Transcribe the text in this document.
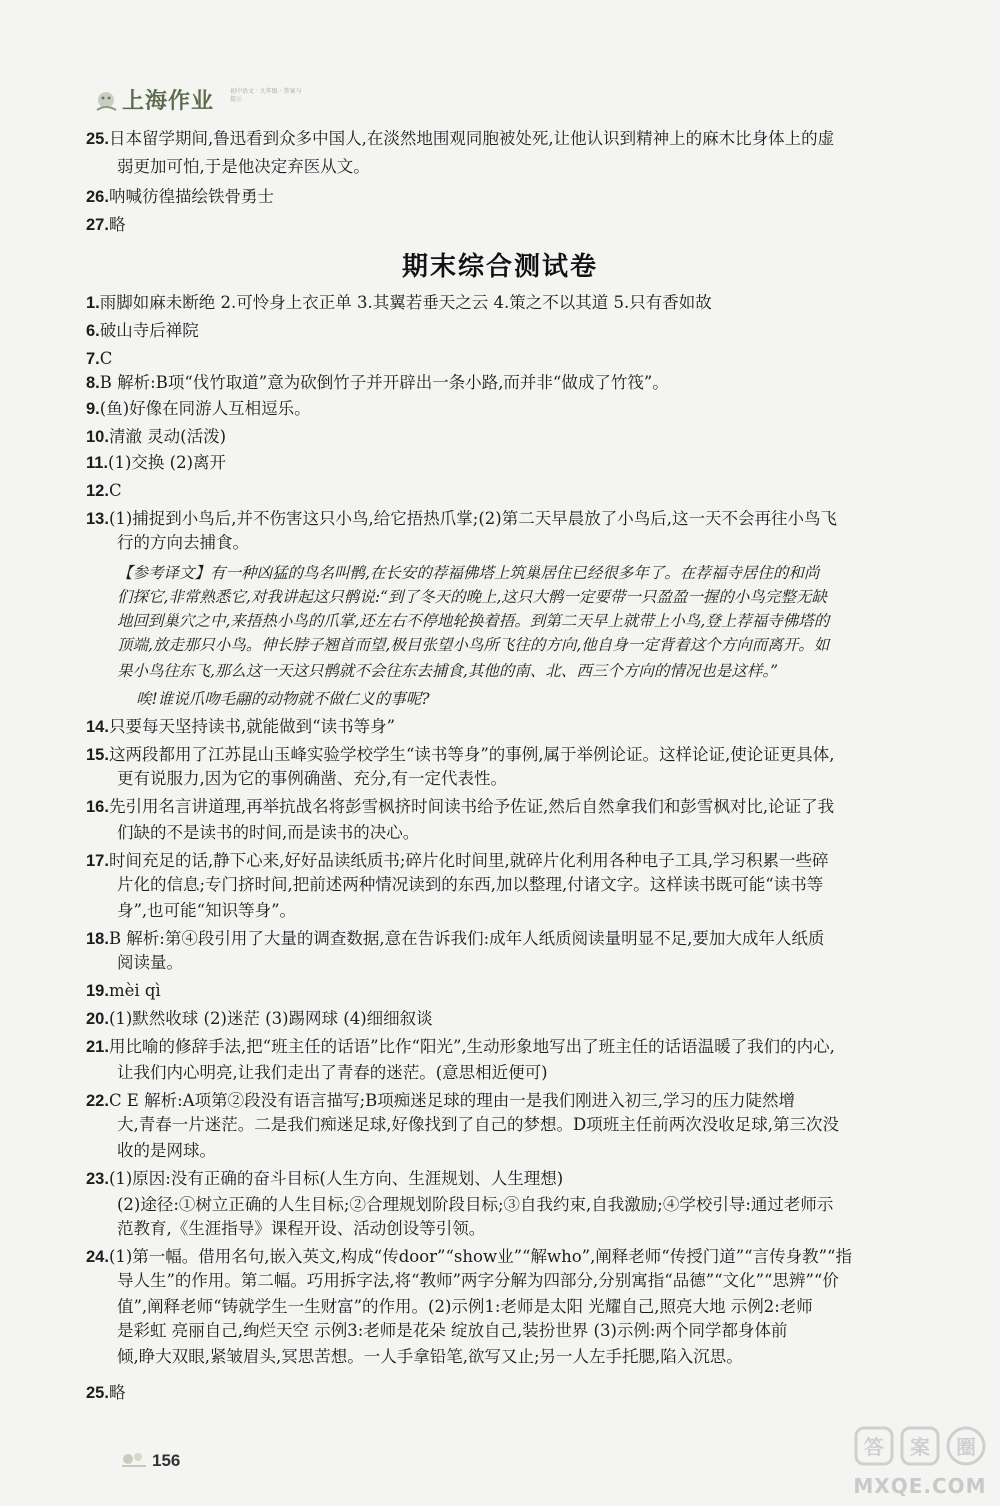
上海作业	初中语文 · 九年级 · 答案与提示
期末综合测试卷
25.日本留学期间,鲁迅看到众多中国人,在淡然地围观同胞被处死,让他认识到精神上的麻木比身体上的虚
弱更加可怕,于是他决定弃医从文。
26.呐喊彷徨描绘铁骨勇士
27.略
1.雨脚如麻未断绝 2.可怜身上衣正单 3.其翼若垂天之云 4.策之不以其道 5.只有香如故
6.破山寺后禅院
7.C
8.B 解析:B项“伐竹取道”意为砍倒竹子并开辟出一条小路,而并非“做成了竹筏”。
9.(鱼)好像在同游人互相逗乐。
10.清澈 灵动(活泼)
11.(1)交换 (2)离开
12.C
13.(1)捕捉到小鸟后,并不伤害这只小鸟,给它捂热爪掌;(2)第二天早晨放了小鸟后,这一天不会再往小鸟飞
行的方向去捕食。
【参考译文】有一种凶猛的鸟名叫鹘,在长安的荐福佛塔上筑巢居住已经很多年了。在荐福寺居住的和尚
们探它,非常熟悉它,对我讲起这只鹘说:“到了冬天的晚上,这只大鹘一定要带一只盈盈一握的小鸟完整无缺
地回到巢穴之中,来捂热小鸟的爪掌,还左右不停地轮换着捂。到第二天早上就带上小鸟,登上荐福寺佛塔的
顶端,放走那只小鸟。伸长脖子翘首而望,极目张望小鸟所飞往的方向,他自身一定背着这个方向而离开。如
果小鸟往东飞,那么这一天这只鹘就不会往东去捕食,其他的南、北、西三个方向的情况也是这样。”
唉!谁说爪吻毛翮的动物就不做仁义的事呢?
14.只要每天坚持读书,就能做到“读书等身”
15.这两段都用了江苏昆山玉峰实验学校学生“读书等身”的事例,属于举例论证。这样论证,使论证更具体,
更有说服力,因为它的事例确凿、充分,有一定代表性。
16.先引用名言讲道理,再举抗战名将彭雪枫挤时间读书给予佐证,然后自然拿我们和彭雪枫对比,论证了我
们缺的不是读书的时间,而是读书的决心。
17.时间充足的话,静下心来,好好品读纸质书;碎片化时间里,就碎片化利用各种电子工具,学习积累一些碎
片化的信息;专门挤时间,把前述两种情况读到的东西,加以整理,付诸文字。这样读书既可能“读书等
身”,也可能“知识等身”。
18.B 解析:第④段引用了大量的调查数据,意在告诉我们:成年人纸质阅读量明显不足,要加大成年人纸质
阅读量。
19.mèi qì
20.(1)默然收球 (2)迷茫 (3)踢网球 (4)细细叙谈
21.用比喻的修辞手法,把“班主任的话语”比作“阳光”,生动形象地写出了班主任的话语温暖了我们的内心,
让我们内心明亮,让我们走出了青春的迷茫。(意思相近便可)
22.C E 解析:A项第②段没有语言描写;B项痴迷足球的理由一是我们刚进入初三,学习的压力陡然增
大,青春一片迷茫。二是我们痴迷足球,好像找到了自己的梦想。D项班主任前两次没收足球,第三次没
收的是网球。
23.(1)原因:没有正确的奋斗目标(人生方向、生涯规划、人生理想)
(2)途径:①树立正确的人生目标;②合理规划阶段目标;③自我约束,自我激励;④学校引导:通过老师示
范教育,《生涯指导》课程开设、活动创设等引领。
24.(1)第一幅。借用名句,嵌入英文,构成“传door”“show业”“解who”,阐释老师“传授门道”“言传身教”“指
导人生”的作用。第二幅。巧用拆字法,将“教师”两字分解为四部分,分别寓指“品德”“文化”“思辨”“价
值”,阐释老师“铸就学生一生财富”的作用。(2)示例1:老师是太阳 光耀自己,照亮大地 示例2:老师
是彩虹 亮丽自己,绚烂天空 示例3:老师是花朵 绽放自己,装扮世界 (3)示例:两个同学都身体前
倾,睁大双眼,紧皱眉头,冥思苦想。一人手拿铅笔,欲写又止;另一人左手托腮,陷入沉思。
25.略
156
答 案 圈
MXQE.COM
